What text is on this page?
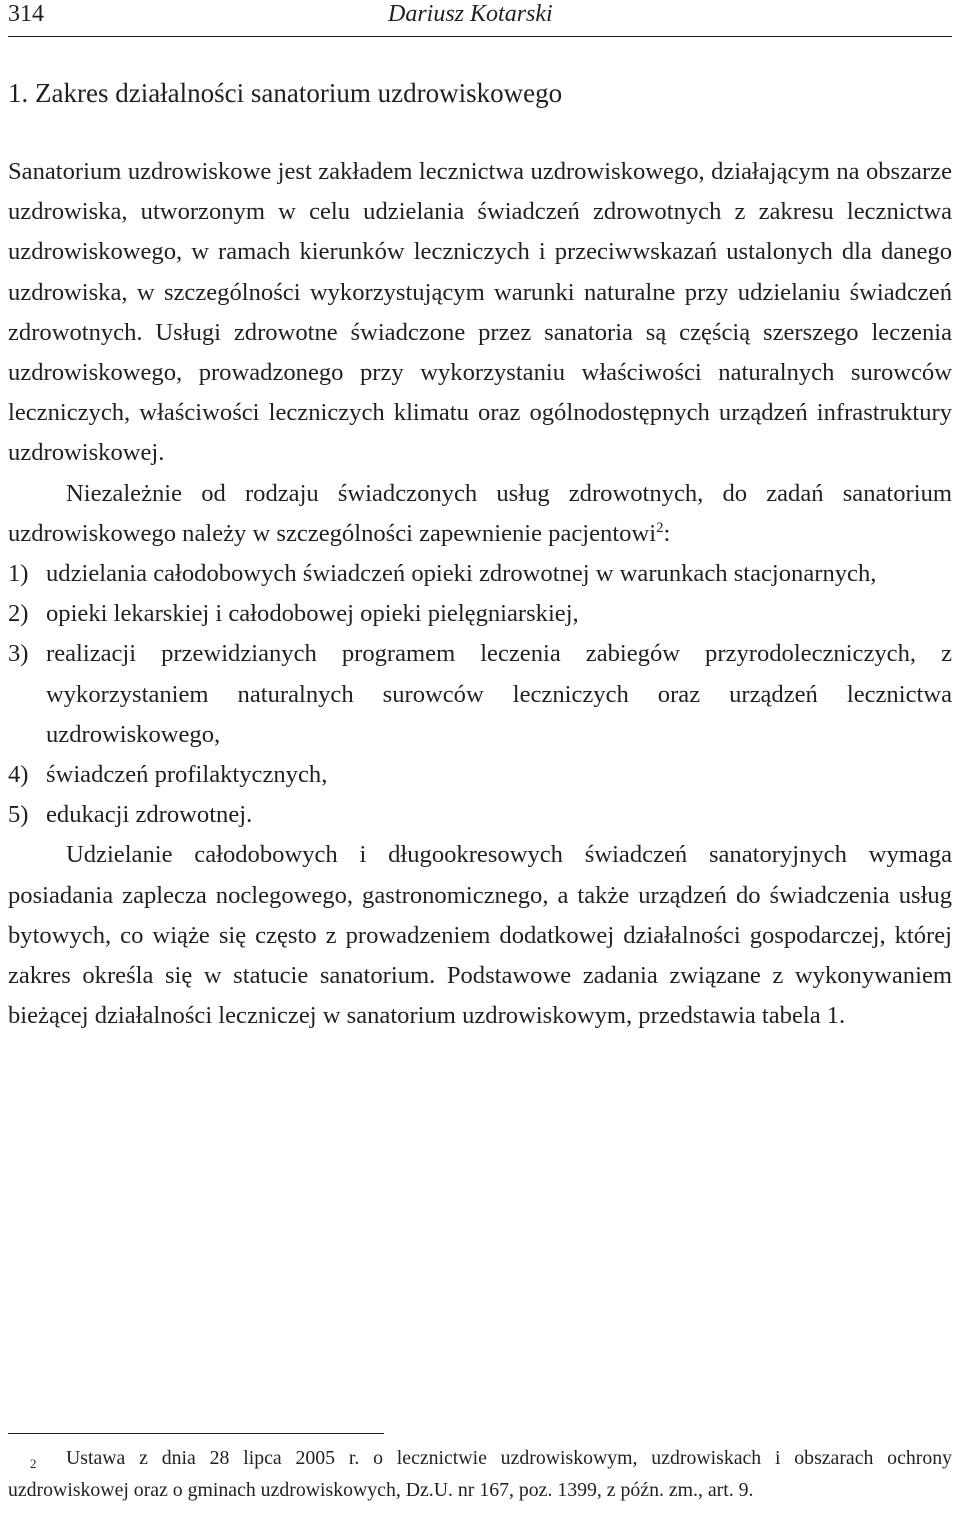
314	Dariusz Kotarski
1. Zakres działalności sanatorium uzdrowiskowego

Sanatorium uzdrowiskowe jest zakładem lecznictwa uzdrowiskowego, działającym na obszarze uzdrowiska, utworzonym w celu udzielania świadczeń zdrowotnych z zakresu lecznictwa uzdrowiskowego, w ramach kierunków leczniczych i przeciwwskazań ustalonych dla danego uzdrowiska, w szczególności wykorzystującym warunki naturalne przy udzielaniu świadczeń zdrowotnych. Usługi zdrowotne świadczone przez sanatoria są częścią szerszego leczenia uzdrowiskowego, prowadzonego przy wykorzystaniu właściwości naturalnych surowców leczniczych, właściwości leczniczych klimatu oraz ogólnodostępnych urządzeń infrastruktury uzdrowiskowej.

Niezależnie od rodzaju świadczonych usług zdrowotnych, do zadań sanatorium uzdrowiskowego należy w szczególności zapewnienie pacjentowi$^2$:

1) udzielania całodobowych świadczeń opieki zdrowotnej w warunkach stacjonarnych,
2) opieki lekarskiej i całodobowej opieki pielęgniarskiej,
3) realizacji przewidzianych programem leczenia zabiegów przyrodoleczniczych, z wykorzystaniem naturalnych surowców leczniczych oraz urządzeń lecznictwa uzdrowiskowego,
4) świadczeń profilaktycznych,
5) edukacji zdrowotnej.

Udzielanie całodobowych i długookresowych świadczeń sanatoryjnych wymaga posiadania zaplecza noclegowego, gastronomicznego, a także urządzeń do świadczenia usług bytowych, co wiąże się często z prowadzeniem dodatkowej działalności gospodarczej, której zakres określa się w statucie sanatorium. Podstawowe zadania związane z wykonywaniem bieżącej działalności leczniczej w sanatorium uzdrowiskowym, przedstawia tabela 1.

2 Ustawa z dnia 28 lipca 2005 r. o lecznictwie uzdrowiskowym, uzdrowiskach i obszarach ochrony uzdrowiskowej oraz o gminach uzdrowiskowych, Dz.U. nr 167, poz. 1399, z późn. zm., art. 9.
